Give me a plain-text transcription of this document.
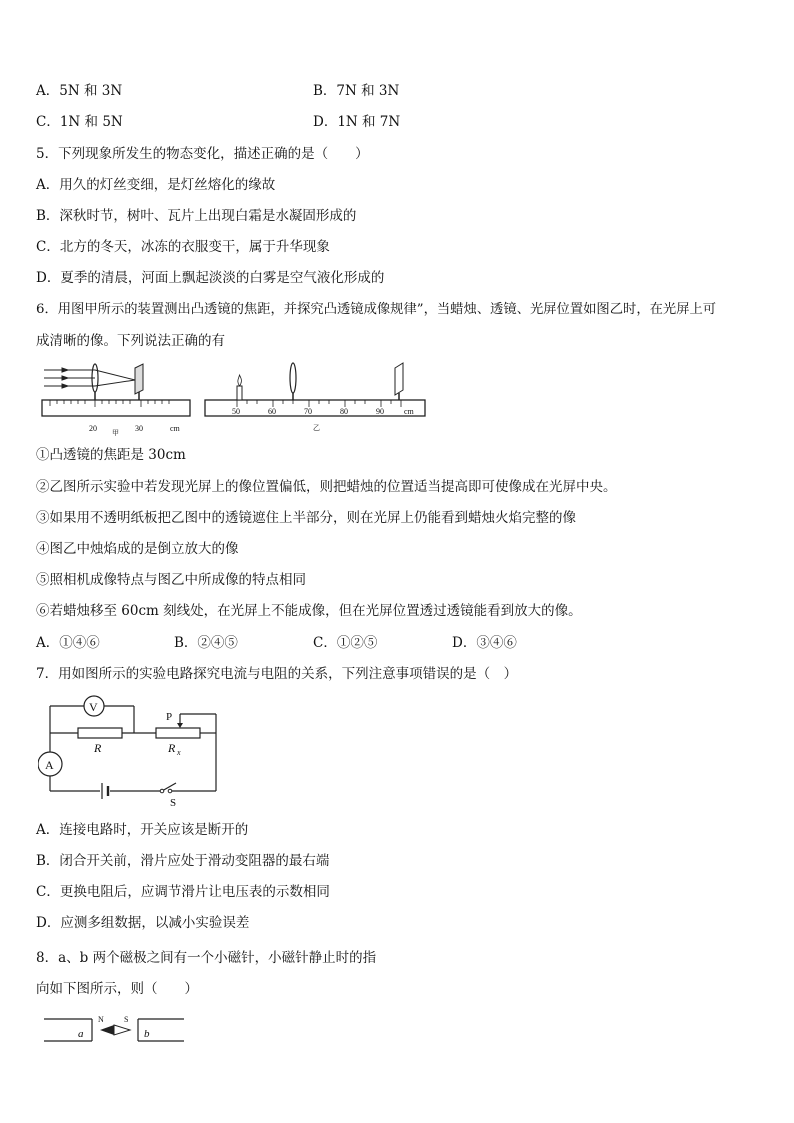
A．5N 和 3N	B．7N 和 3N
C．1N 和 5N	D．1N 和 7N
5．下列现象所发生的物态变化，描述正确的是（　　）
A．用久的灯丝变细，是灯丝熔化的缘故
B．深秋时节，树叶、瓦片上出现白霜是水凝固形成的
C．北方的冬天，冰冻的衣服变干，属于升华现象
D．夏季的清晨，河面上飘起淡淡的白雾是空气液化形成的
6．用图甲所示的装置测出凸透镜的焦距，并探究凸透镜成像规律”，当蜡烛、透镜、光屏位置如图乙时，在光屏上可
成清晰的像。下列说法正确的有
20	30	cm
甲
50	60	70	80	90	cm
乙
①凸透镜的焦距是 30cm
②乙图所示实验中若发现光屏上的像位置偏低，则把蜡烛的位置适当提高即可使像成在光屏中央。
③如果用不透明纸板把乙图中的透镜遮住上半部分，则在光屏上仍能看到蜡烛火焰完整的像
④图乙中烛焰成的是倒立放大的像
⑤照相机成像特点与图乙中所成像的特点相同
⑥若蜡烛移至 60cm 刻线处，在光屏上不能成像，但在光屏位置透过透镜能看到放大的像。
A．①④⑥	B．②④⑤	C．①②⑤	D．③④⑥
7．用如图所示的实验电路探究电流与电阻的关系，下列注意事项错误的是（　）
V
A
R	R x
P
S
A．连接电路时，开关应该是断开的
B．闭合开关前，滑片应处于滑动变阻器的最右端
C．更换电阻后，应调节滑片让电压表的示数相同
D．应测多组数据，以减小实验误差
8．a、b 两个磁极之间有一个小磁针，小磁针静止时的指
向如下图所示，则（　　）
a	b
N	S
